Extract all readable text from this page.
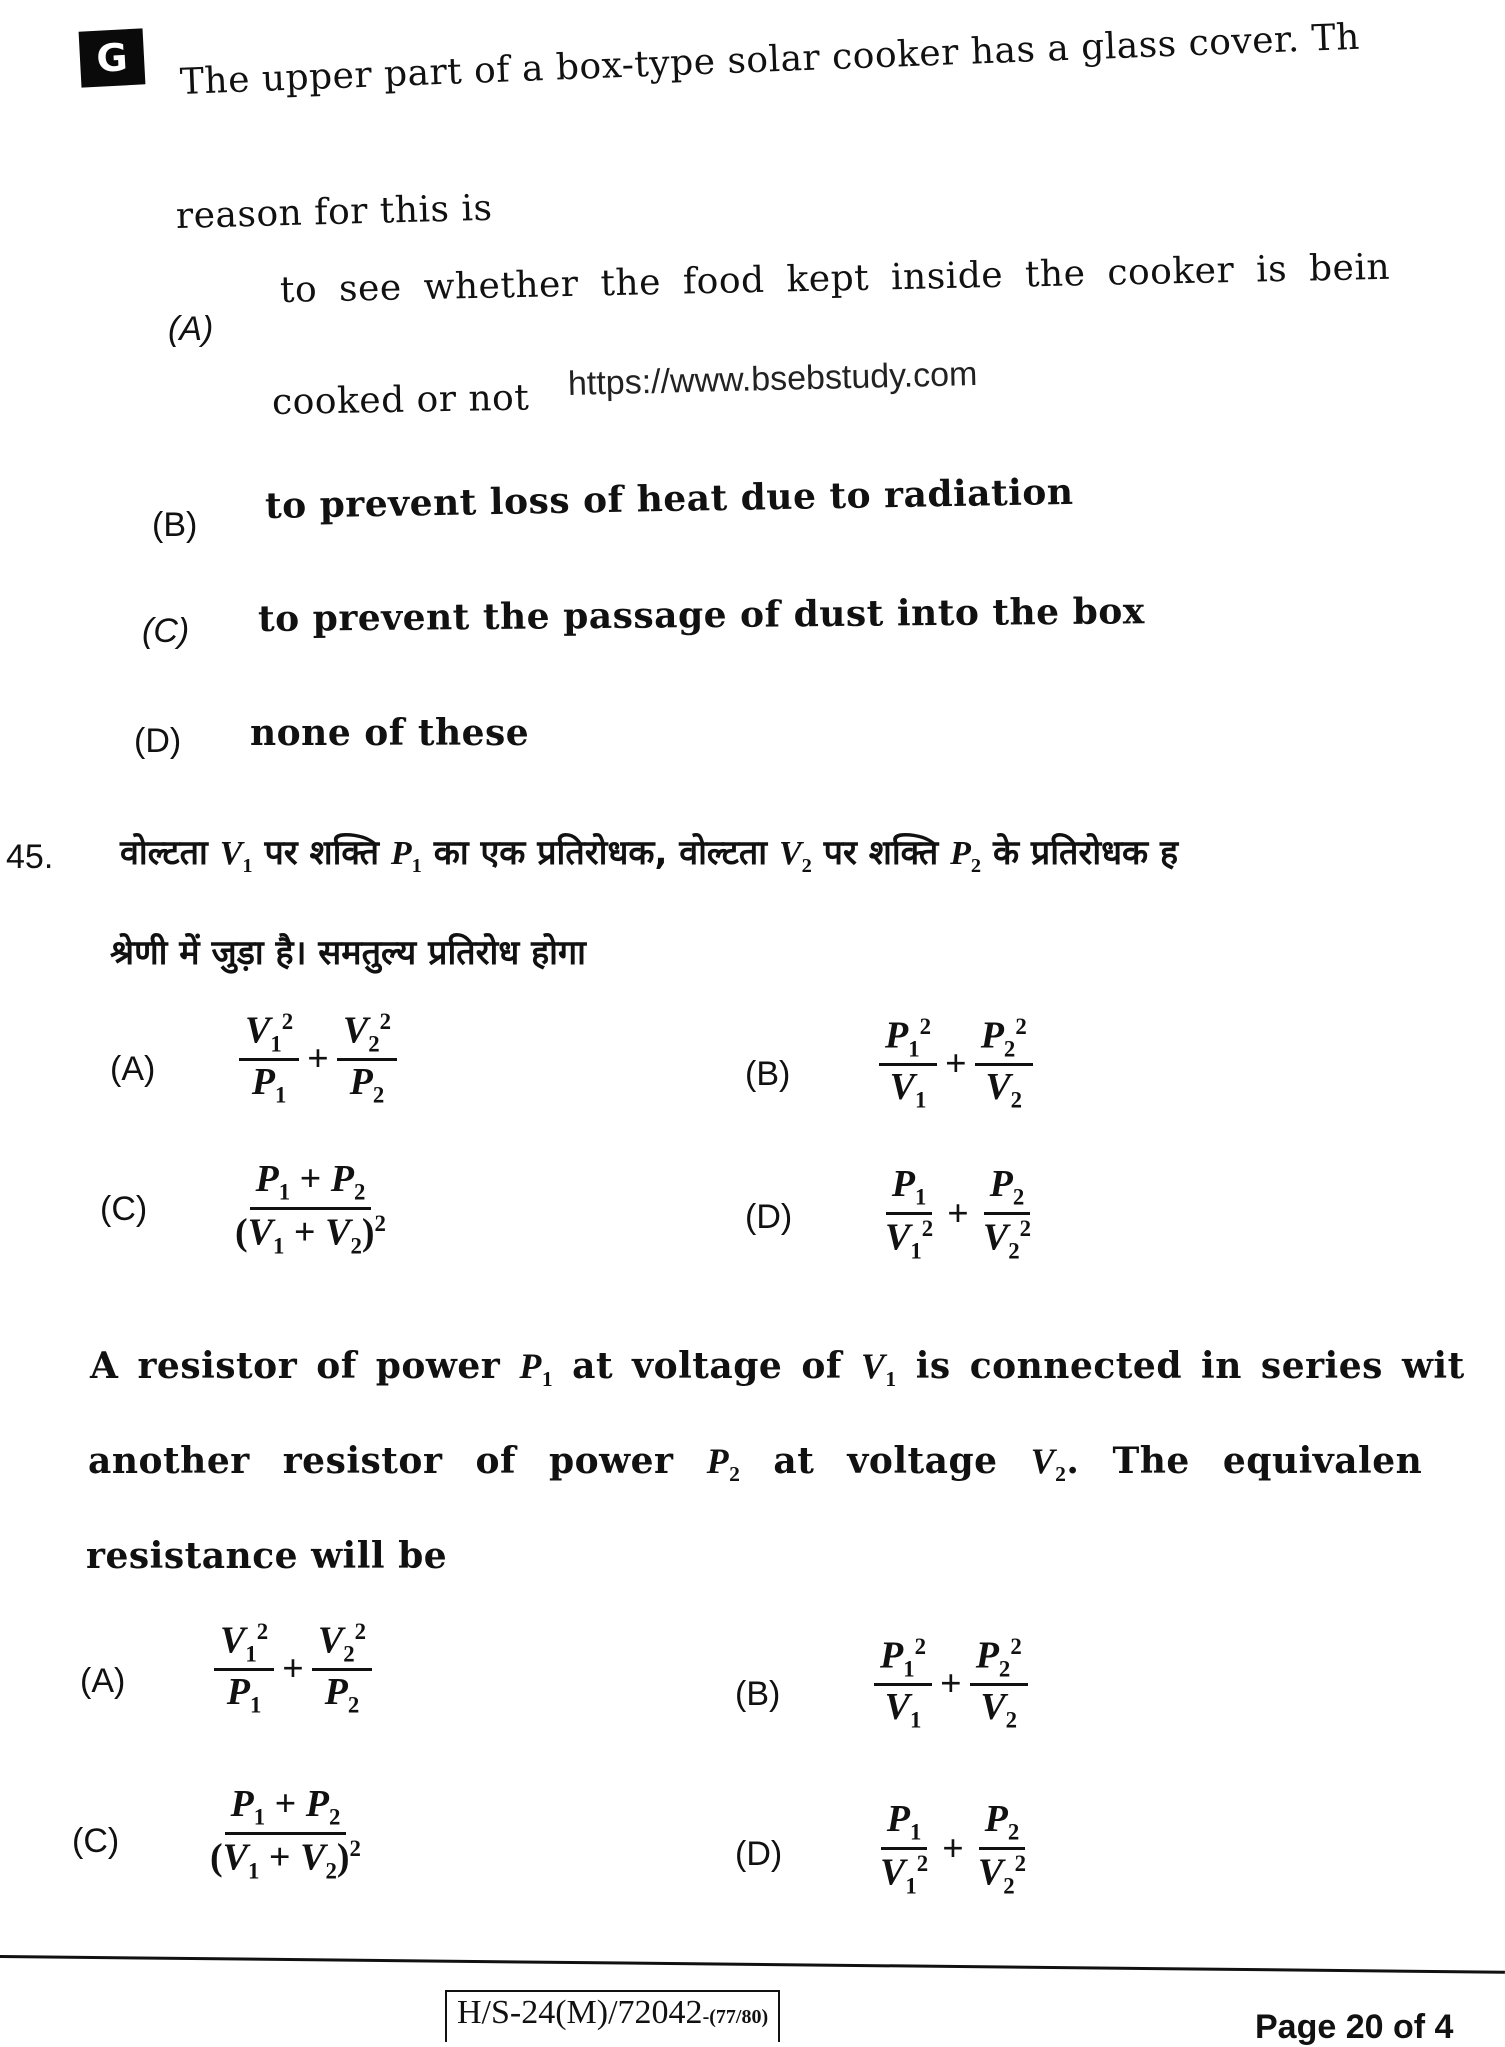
G	The upper part of a box-type solar cooker has a glass cover. Th
reason for this is
(A)
to see whether the food kept inside the cooker is bein
cooked or not https://www.bsebstudy.com
(B) to prevent loss of heat due to radiation
(C) to prevent the passage of dust into the box
(D) none of these
45. वोल्टता $V_1$ पर शक्ति $P_1$ का एक प्रतिरोधक, वोल्टता $V_2$ पर शक्ति $P_2$ के प्रतिरोधक ह
श्रेणी में जुड़ा है। समतुल्य प्रतिरोध होगा
$(A) \frac{V_1^2}{P_1} + \frac{V_2^2}{P_2}$	$(B) \frac{P_1^2}{V_1} + \frac{P_2^2}{V_2}$
$(C) \frac{P_1 + P_2}{(V_1 + V_2)^2}$	$(D) \frac{P_1}{V_1^2} + \frac{P_2}{V_2^2}$
A resistor of power $P_1$ at voltage of $V_1$ is connected in series wit
another resistor of power $P_2$ at voltage $V_2$. The equivalen
resistance will be
$(A) \frac{V_1^2}{P_1} + \frac{V_2^2}{P_2}$	$(B) \frac{P_1^2}{V_1} + \frac{P_2^2}{V_2}$
$(C) \frac{P_1 + P_2}{(V_1 + V_2)^2}$	$(D) \frac{P_1}{V_1^2} + \frac{P_2}{V_2^2}$
H/S-24(M)/72042-(77/80)	Page 20 of 4
